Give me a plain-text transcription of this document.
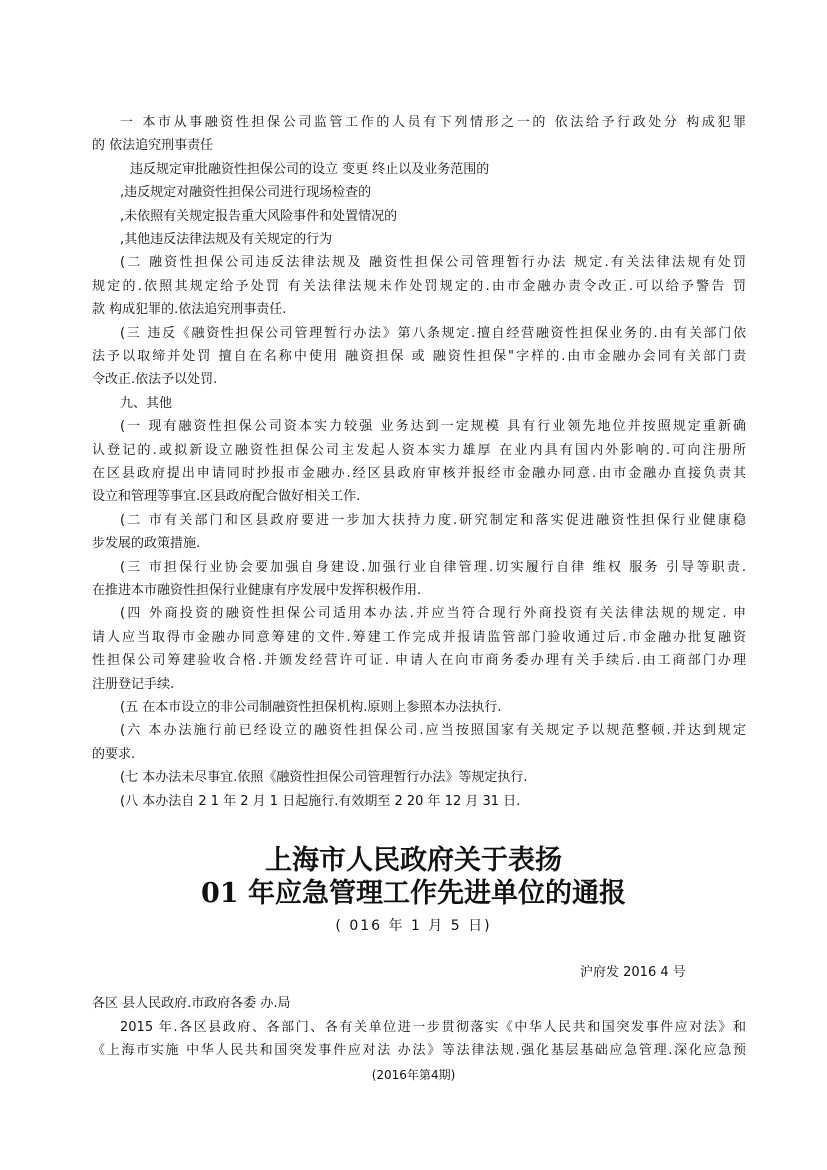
一 本市从事融资性担保公司监管工作的人员有下列情形之一的 依法给予行政处分 构成犯罪
的 依法追究刑事责任
违反规定审批融资性担保公司的设立 变更 终止以及业务范围的
,违反规定对融资性担保公司进行现场检查的
,未依照有关规定报告重大风险事件和处置情况的
,其他违反法律法规及有关规定的行为
(二 融资性担保公司违反法律法规及 融资性担保公司管理暂行办法 规定.有关法律法规有处罚
规定的.依照其规定给予处罚 有关法律法规未作处罚规定的.由市金融办责令改正.可以给予警告 罚
款 构成犯罪的.依法追究刑事责任.
(三 违反《融资性担保公司管理暂行办法》第八条规定.擅自经营融资性担保业务的.由有关部门依
法予以取缔并处罚 擅自在名称中使用 融资担保 或 融资性担保"字样的.由市金融办会同有关部门责
令改正.依法予以处罚.
九、其他
(一 现有融资性担保公司资本实力较强 业务达到一定规模 具有行业领先地位并按照规定重新确
认登记的.或拟新设立融资性担保公司主发起人资本实力雄厚 在业内具有国内外影响的.可向注册所
在区县政府提出申请同时抄报市金融办.经区县政府审核并报经市金融办同意.由市金融办直接负责其
设立和管理等事宜.区县政府配合做好相关工作.
(二 市有关部门和区县政府要进一步加大扶持力度.研究制定和落实促进融资性担保行业健康稳
步发展的政策措施.
(三 市担保行业协会要加强自身建设.加强行业自律管理.切实履行自律 维权 服务 引导等职责.
在推进本市融资性担保行业健康有序发展中发挥积极作用.
(四 外商投资的融资性担保公司适用本办法.并应当符合现行外商投资有关法律法规的规定. 申
请人应当取得市金融办同意筹建的文件.筹建工作完成并报请监管部门验收通过后.市金融办批复融资
性担保公司筹建验收合格.并颁发经营许可证. 申请人在向市商务委办理有关手续后.由工商部门办理
注册登记手续.
(五 在本市设立的非公司制融资性担保机构.原则上参照本办法执行.
(六 本办法施行前已经设立的融资性担保公司.应当按照国家有关规定予以规范整顿.并达到规定
的要求.
(七 本办法未尽事宜.依照《融资性担保公司管理暂行办法》等规定执行.
(八 本办法自 2 1 年 2 月 1 日起施行.有效期至 2 20 年 12 月 31 日.
上海市人民政府关于表扬
01 年应急管理工作先进单位的通报
( 016 年 1 月 5 日)
沪府发 2016 4 号
各区 县人民政府.市政府各委 办.局
2015 年.各区县政府、各部门、各有关单位进一步贯彻落实《中华人民共和国突发事件应对法》和
《上海市实施 中华人民共和国突发事件应对法 办法》等法律法规.强化基层基础应急管理.深化应急预
(2016年第4期)
